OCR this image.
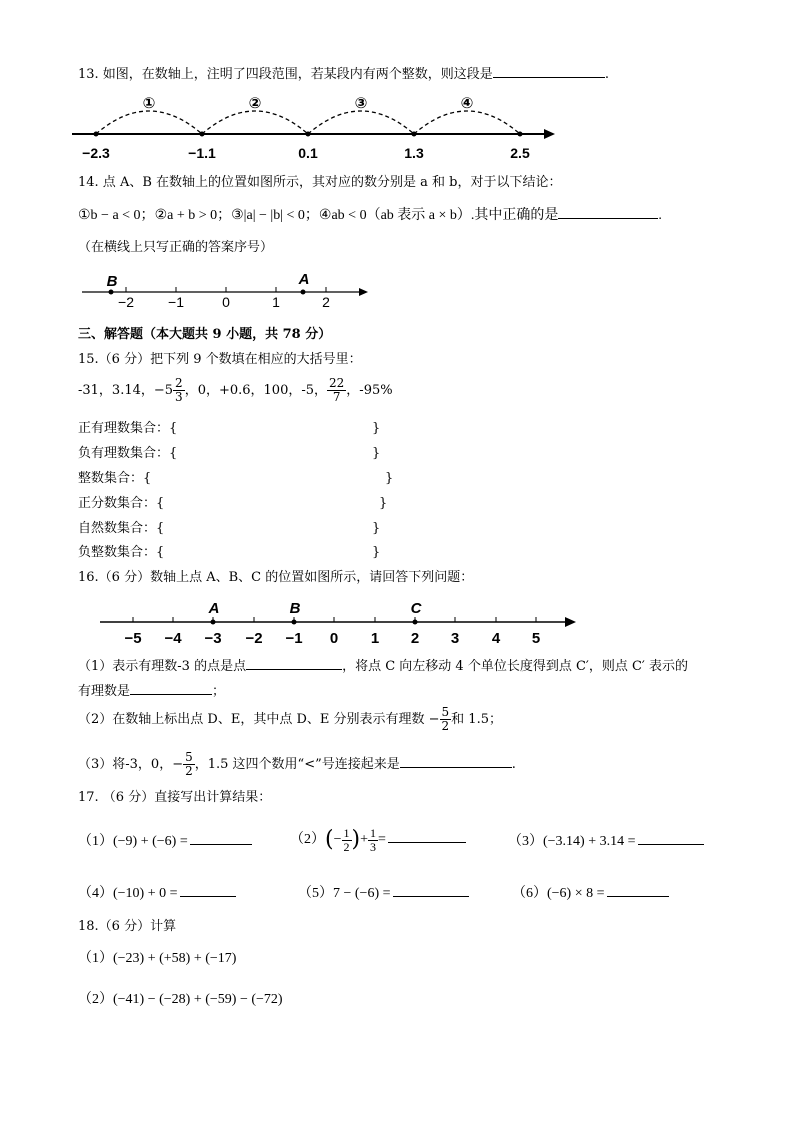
13. 如图，在数轴上，注明了四段范围，若某段内有两个整数，则这段是	.
①	②	③	④
−2.3	−1.1	0.1	1.3	2.5
14. 点 A、B 在数轴上的位置如图所示，其对应的数分别是 a 和 b，对于以下结论：
①b − a < 0；②a + b > 0；③|a| − |b| < 0；④ab < 0（ab 表示 a × b）.其中正确的是	.
（在横线上只写正确的答案序号）
B	A
−2 −1	0	1	2
三、解答题（本大题共 9 小题，共 78 分）
15.（6 分）把下列 9 个数填在相应的大括号里：
-31，3.14，$-5 \frac{2}{3}$ ，0，+0.6，100，-5， $\frac{22}{7}$ ，-95%
正有理数集合：{	}
负有理数集合：{	}
整数集合：{	}
正分数集合：{	}
自然数集合：{	}
负整数集合：{	}
16.（6 分）数轴上点 A、B、C 的位置如图所示，请回答下列问题：
A	B	C
−5 −4 −3 −2 −1 0 1 2 3 4 5
（1）表示有理数-3 的点是点	，将点 C 向左移动 4 个单位长度得到点 C′，则点 C′ 表示的
有理数是	；
（2）在数轴上标出点 D、E，其中点 D、E 分别表示有理数 − $\frac{5}{2}$ 和 1.5；
（3）将-3，0，− $\frac{5}{2}$ ，1.5 这四个数用“<”号连接起来是	.
17. （6 分）直接写出计算结果：
（1）(−9) + (−6) =	$(2)(- \frac{1}{2}$ )+ $\frac{1}{3}$ =	（3）(−3.14) + 3.14 =
（4）(−10) + 0 =	（5）7 − (−6) =	（6）(−6) × 8 =
18.（6 分）计算
（1）(−23) + (+58) + (−17)
（2）(−41) − (−28) + (−59) − (−72)
